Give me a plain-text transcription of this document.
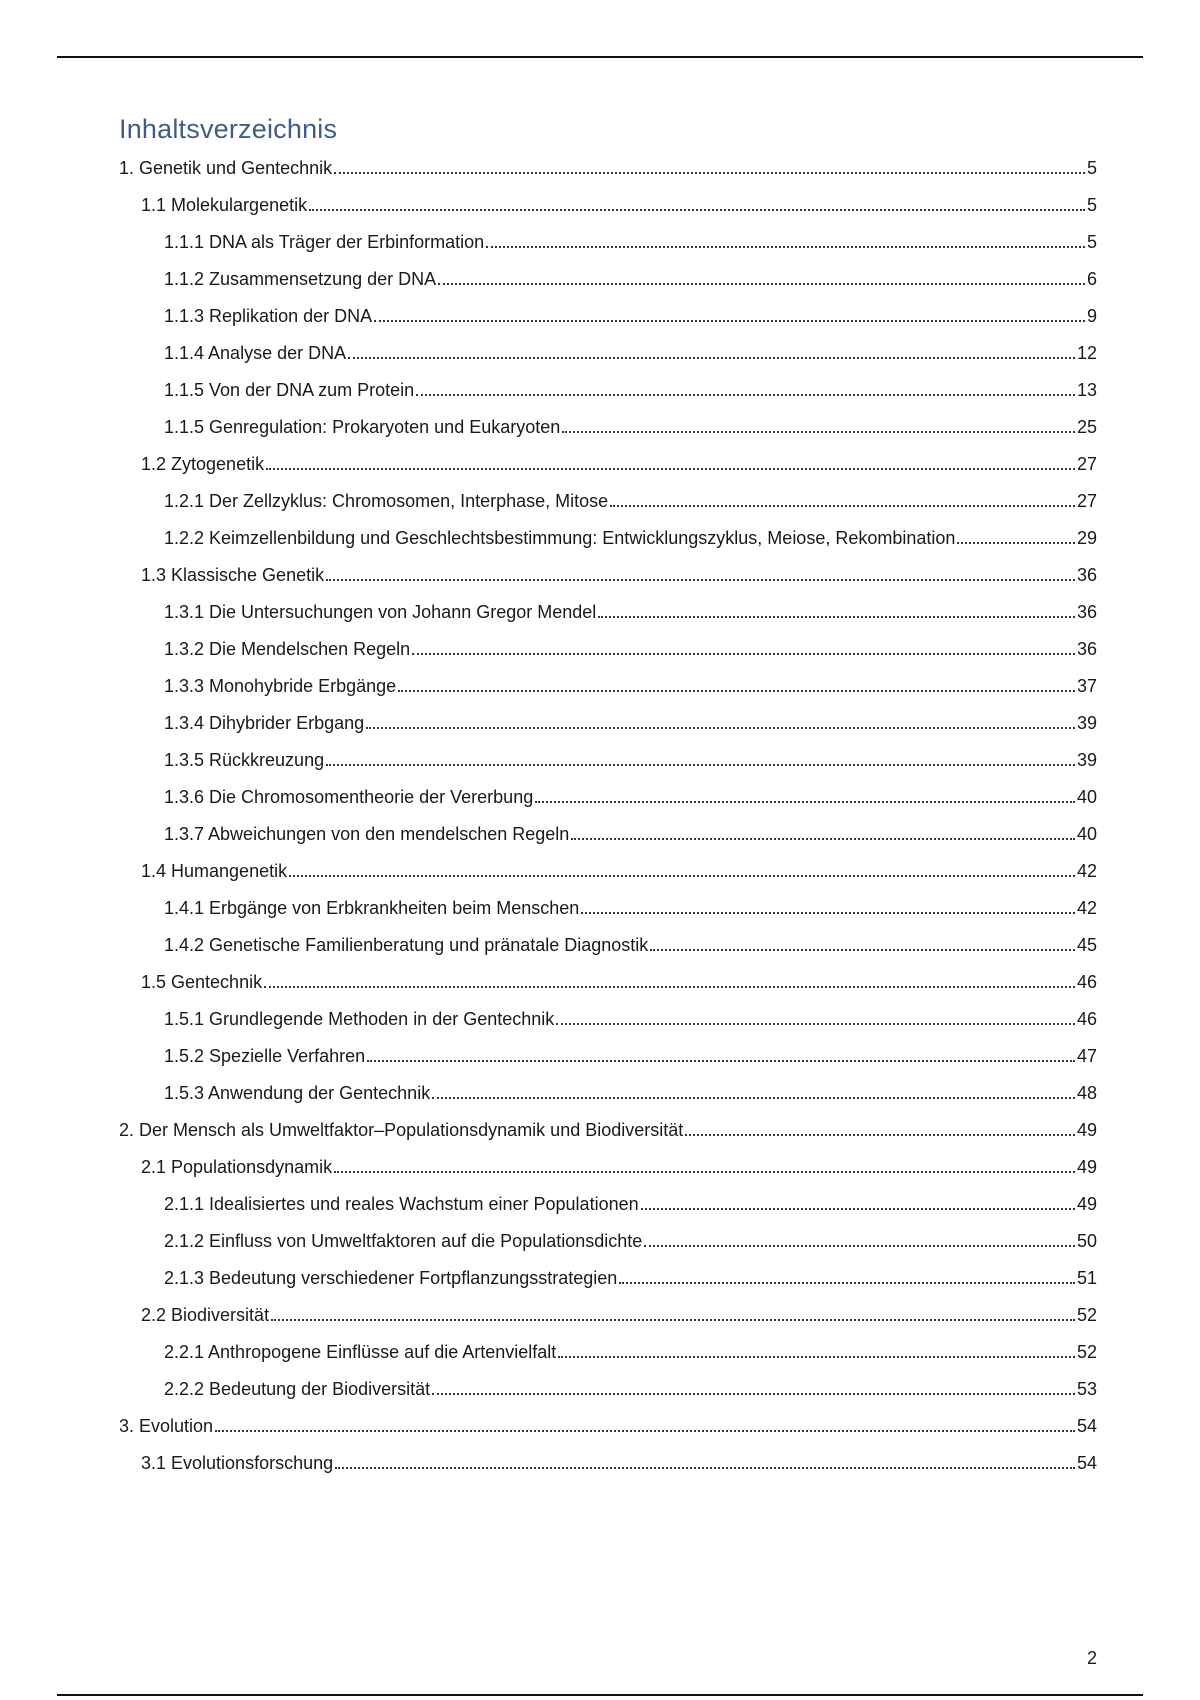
Inhaltsverzeichnis
1. Genetik und Gentechnik	5
1.1 Molekulargenetik	5
1.1.1 DNA als Träger der Erbinformation	5
1.1.2 Zusammensetzung der DNA	6
1.1.3 Replikation der DNA	9
1.1.4 Analyse der DNA	12
1.1.5 Von der DNA zum Protein	13
1.1.5 Genregulation: Prokaryoten und Eukaryoten	25
1.2 Zytogenetik	27
1.2.1 Der Zellzyklus: Chromosomen, Interphase, Mitose	27
1.2.2 Keimzellenbildung und Geschlechtsbestimmung: Entwicklungszyklus, Meiose, Rekombination	29
1.3 Klassische Genetik	36
1.3.1 Die Untersuchungen von Johann Gregor Mendel	36
1.3.2 Die Mendelschen Regeln	36
1.3.3 Monohybride Erbgänge	37
1.3.4 Dihybrider Erbgang	39
1.3.5 Rückkreuzung	39
1.3.6 Die Chromosomentheorie der Vererbung	40
1.3.7 Abweichungen von den mendelschen Regeln	40
1.4 Humangenetik	42
1.4.1 Erbgänge von Erbkrankheiten beim Menschen	42
1.4.2 Genetische Familienberatung und pränatale Diagnostik	45
1.5 Gentechnik	46
1.5.1 Grundlegende Methoden in der Gentechnik	46
1.5.2 Spezielle Verfahren	47
1.5.3 Anwendung der Gentechnik	48
2. Der Mensch als Umweltfaktor–Populationsdynamik und Biodiversität	49
2.1 Populationsdynamik	49
2.1.1 Idealisiertes und reales Wachstum einer Populationen	49
2.1.2 Einfluss von Umweltfaktoren auf die Populationsdichte	50
2.1.3 Bedeutung verschiedener Fortpflanzungsstrategien	51
2.2 Biodiversität	52
2.2.1 Anthropogene Einflüsse auf die Artenvielfalt	52
2.2.2 Bedeutung der Biodiversität	53
3. Evolution	54
3.1 Evolutionsforschung	54
2
